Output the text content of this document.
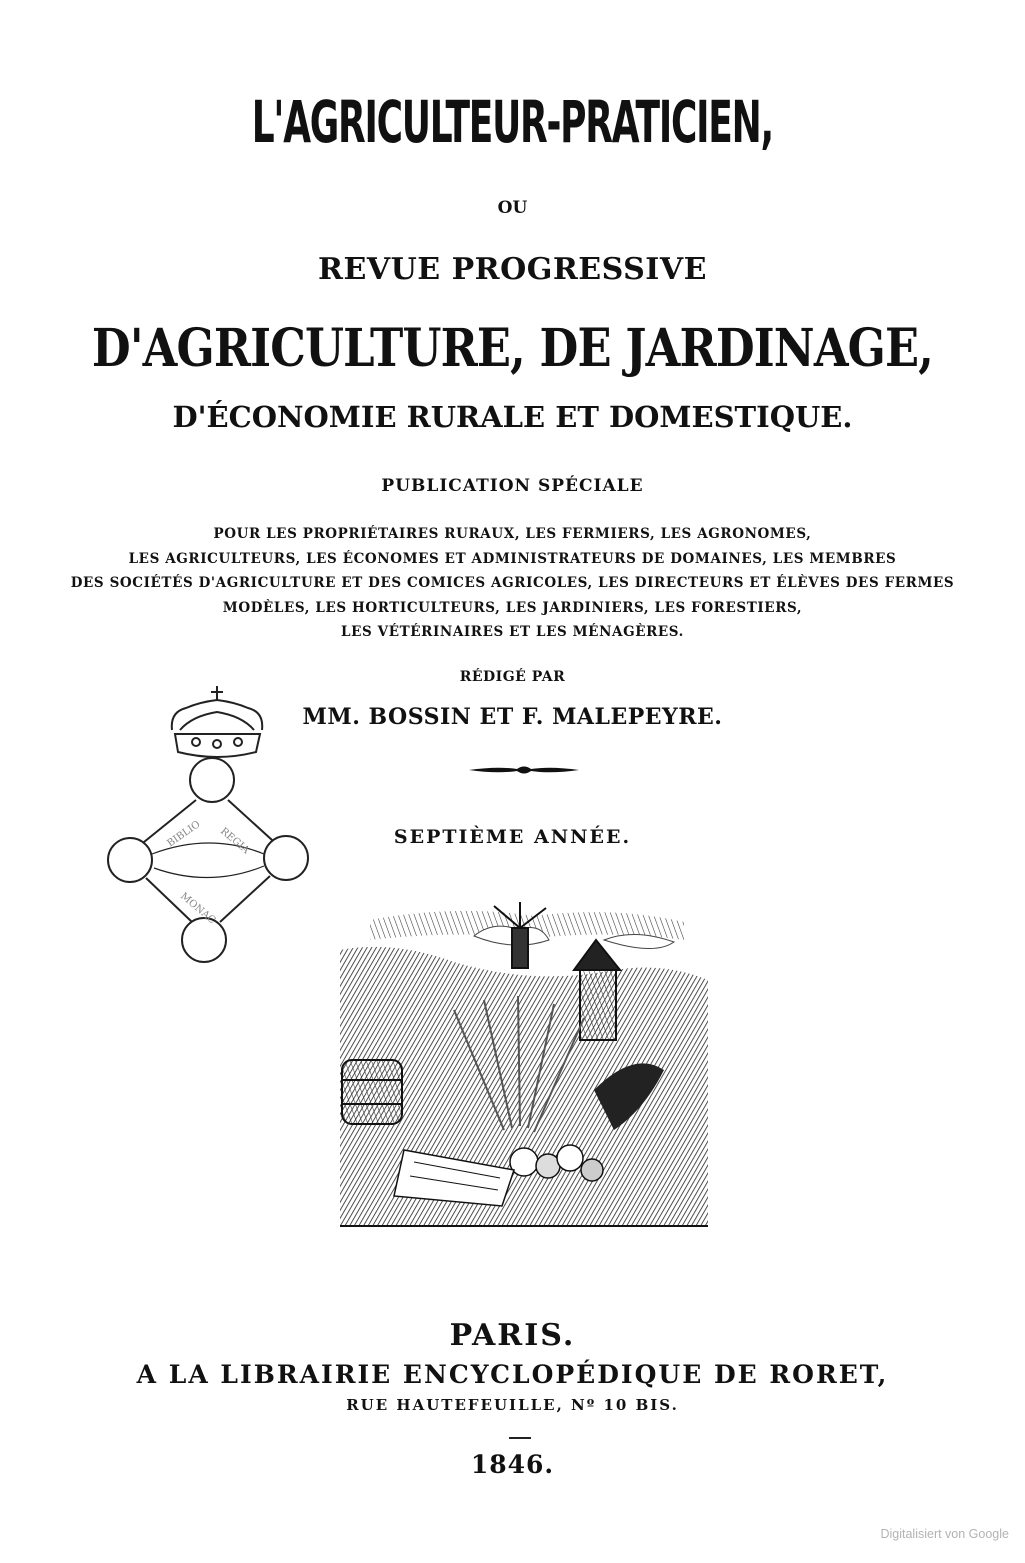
L'AGRICULTEUR-PRATICIEN,
OU
REVUE PROGRESSIVE
D'AGRICULTURE, DE JARDINAGE,
D'ÉCONOMIE RURALE ET DOMESTIQUE.
PUBLICATION SPÉCIALE
POUR LES PROPRIÉTAIRES RURAUX, LES FERMIERS, LES AGRONOMES,
LES AGRICULTEURS, LES ÉCONOMES ET ADMINISTRATEURS DE DOMAINES, LES MEMBRES
DES SOCIÉTÉS D'AGRICULTURE ET DES COMICES AGRICOLES, LES DIRECTEURS ET ÉLÈVES DES FERMES
MODÈLES, LES HORTICULTEURS, LES JARDINIERS, LES FORESTIERS,
LES VÉTÉRINAIRES ET LES MÉNAGÈRES.
RÉDIGÉ PAR
MM. BOSSIN ET F. MALEPEYRE.
SEPTIÈME ANNÉE.
BIBLIO REGIA
MONAC
PARIS.
A LA LIBRAIRIE ENCYCLOPÉDIQUE DE RORET,
RUE HAUTEFEUILLE, Nº 10 BIS.
1846.
Digitalisiert von Google
